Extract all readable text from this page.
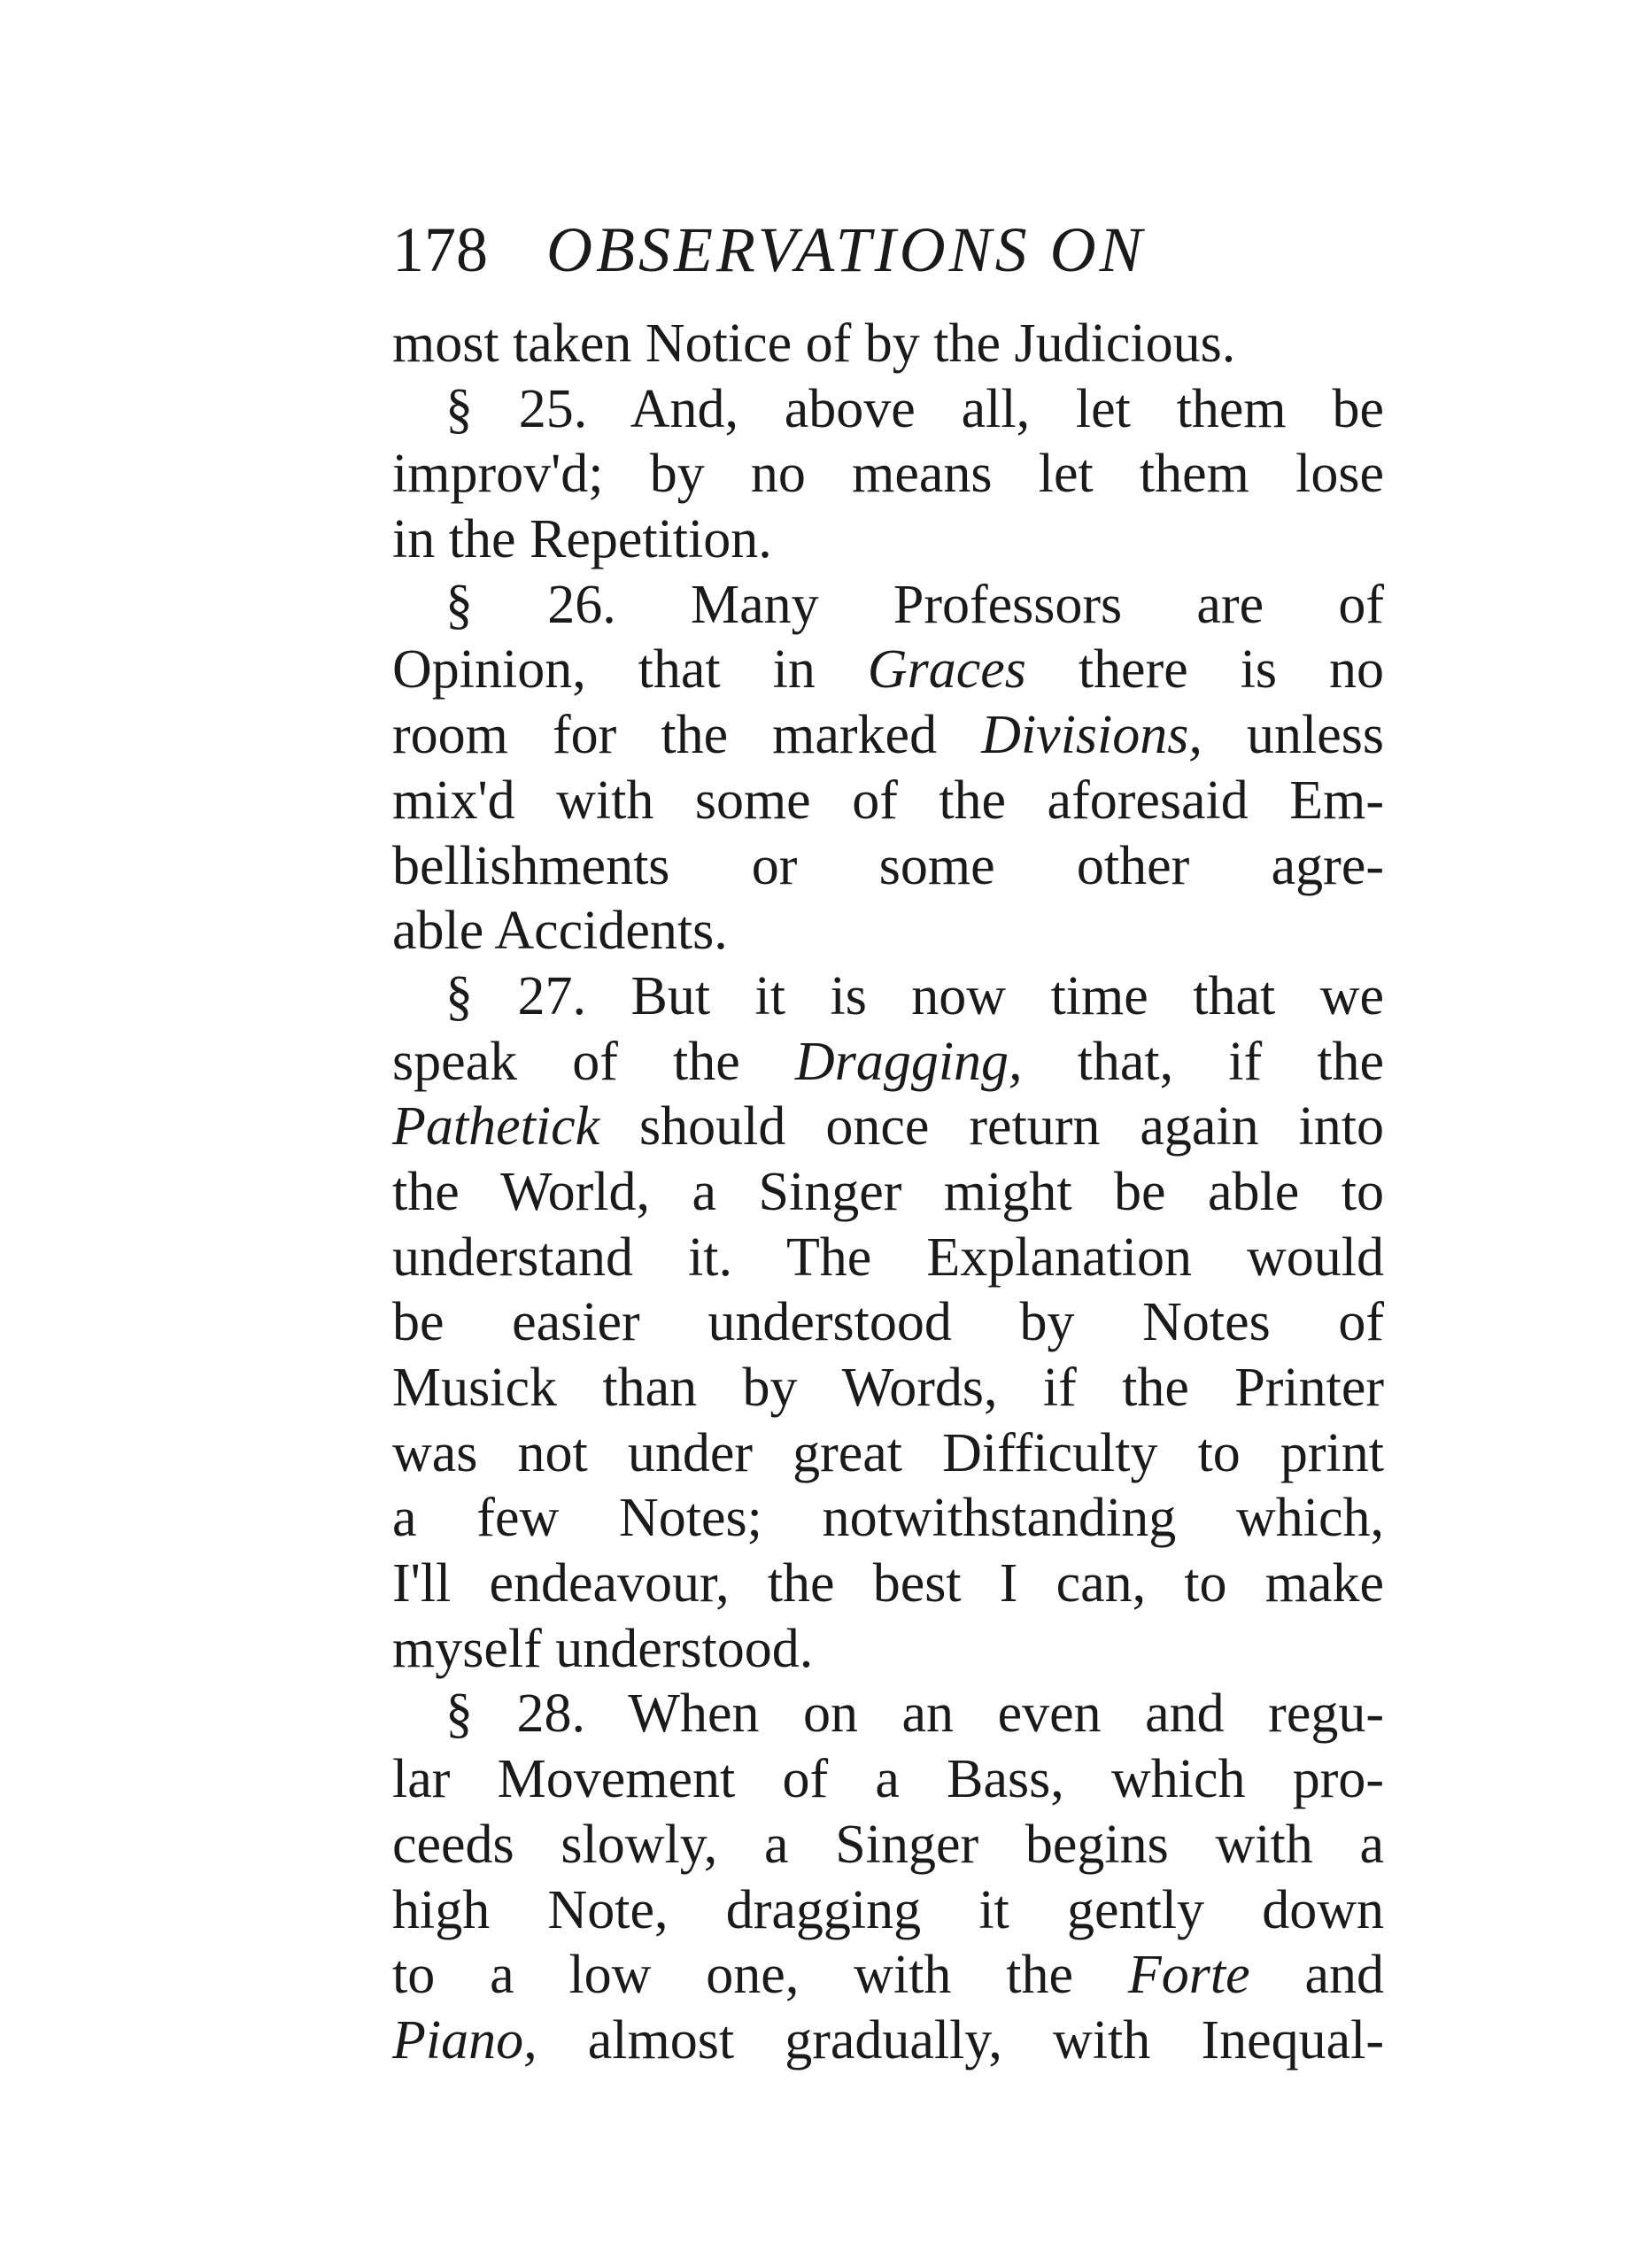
178 OBSERVATIONS ON
most taken Notice of by the Judicious.
§ 25. And, above all, let them be
improv'd; by no means let them lose
in the Repetition.
§ 26. Many Professors are of
Opinion, that in Graces there is no
room for the marked Divisions, unless
mix'd with some of the aforesaid Em-
bellishments or some other agre-
able Accidents.
§ 27. But it is now time that we
speak of the Dragging, that, if the
Pathetick should once return again into
the World, a Singer might be able to
understand it. The Explanation would
be easier understood by Notes of
Musick than by Words, if the Printer
was not under great Difficulty to print
a few Notes; notwithstanding which,
I'll endeavour, the best I can, to make
myself understood.
§ 28. When on an even and regu-
lar Movement of a Bass, which pro-
ceeds slowly, a Singer begins with a
high Note, dragging it gently down
to a low one, with the Forte and
Piano, almost gradually, with Inequal-
